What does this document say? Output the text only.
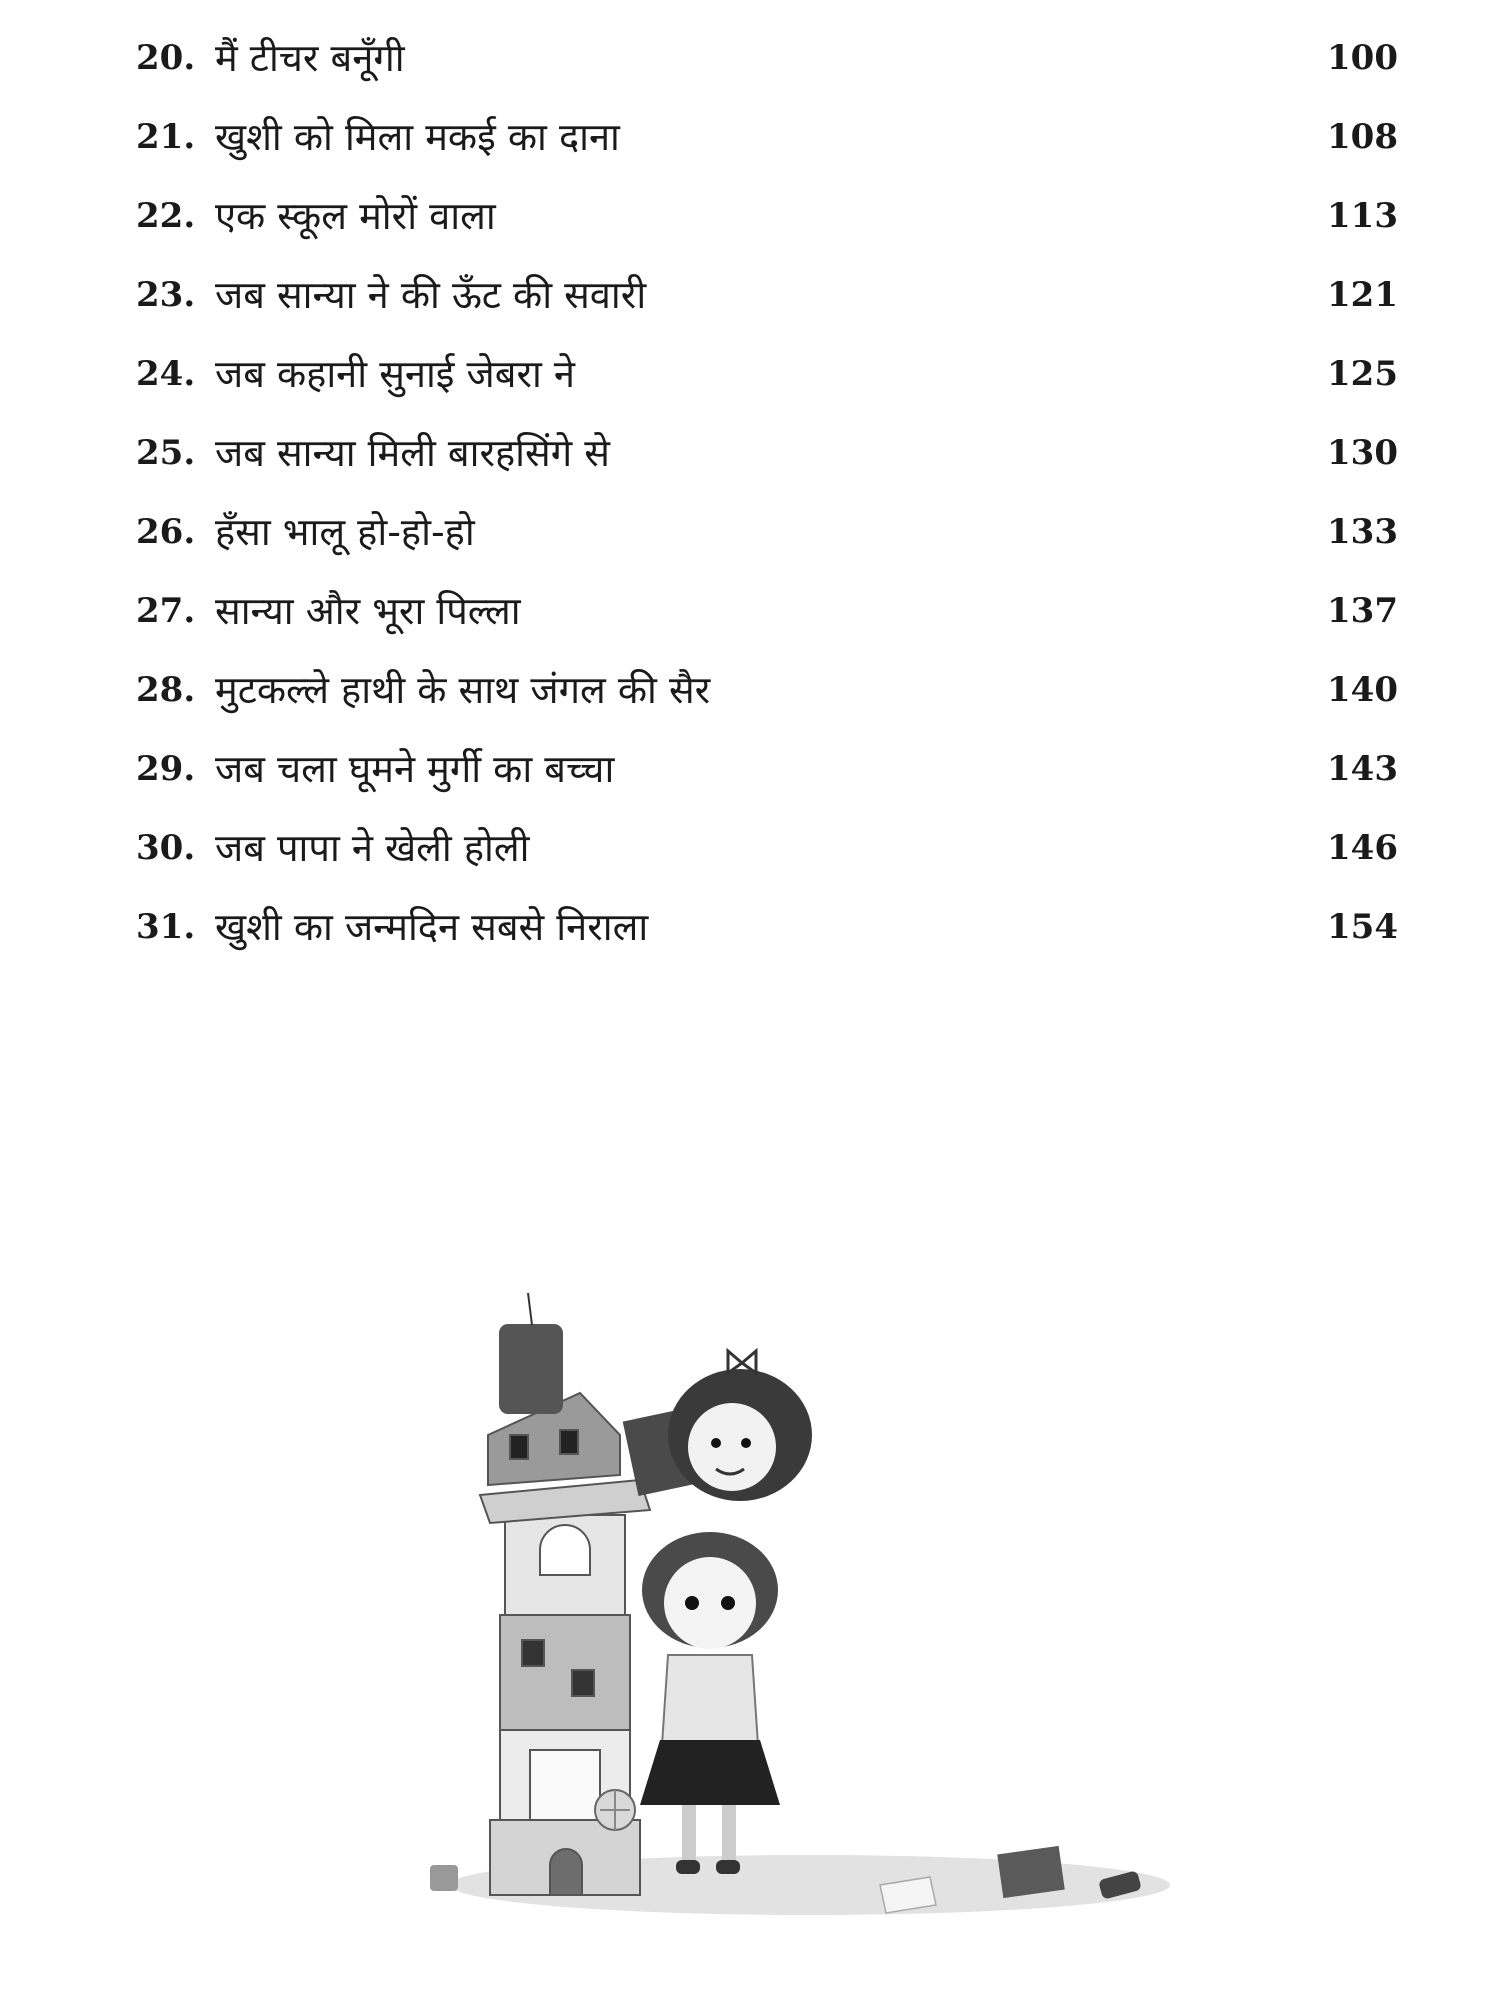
20. मैं टीचर बनूँगी	100
21. खुशी को मिला मकई का दाना	108
22. एक स्कूल मोरों वाला	113
23. जब सान्या ने की ऊँट की सवारी	121
24. जब कहानी सुनाई जेबरा ने	125
25. जब सान्या मिली बारहसिंगे से	130
26. हँसा भालू हो-हो-हो	133
27. सान्या और भूरा पिल्ला	137
28. मुटकल्ले हाथी के साथ जंगल की सैर	140
29. जब चला घूमने मुर्गी का बच्चा	143
30. जब पापा ने खेली होली	146
31. खुशी का जन्मदिन सबसे निराला	154
